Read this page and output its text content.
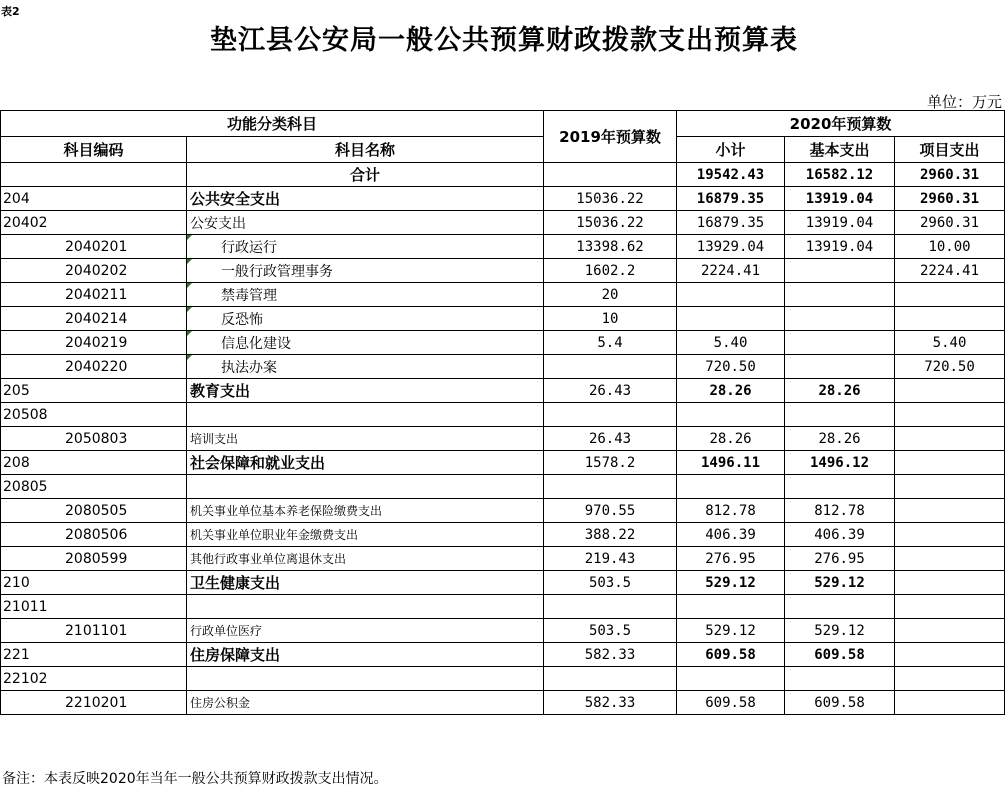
表2
垫江县公安局一般公共预算财政拨款支出预算表
单位：万元
功能分类科目		2019年预算数	2020年预算数		
科目编码	科目名称		小计	基本支出	项目支出
	合计		19542.43	16582.12	2960.31
204	公共安全支出	15036.22	16879.35	13919.04	2960.31
20402	公安支出	15036.22	16879.35	13919.04	2960.31
2040201	行政运行	13398.62	13929.04	13919.04	10.00
2040202	一般行政管理事务	1602.2	2224.41		2224.41
2040211	禁毒管理	20			
2040214	反恐怖	10			
2040219	信息化建设	5.4	5.40		5.40
2040220	执法办案		720.50		720.50
205	教育支出	26.43	28.26	28.26	
20508					
2050803	培训支出	26.43	28.26	28.26	
208	社会保障和就业支出	1578.2	1496.11	1496.12	
20805					
2080505	机关事业单位基本养老保险缴费支出	970.55	812.78	812.78	
2080506	机关事业单位职业年金缴费支出	388.22	406.39	406.39	
2080599	其他行政事业单位离退休支出	219.43	276.95	276.95	
210	卫生健康支出	503.5	529.12	529.12	
21011					
2101101	行政单位医疗	503.5	529.12	529.12	
221	住房保障支出	582.33	609.58	609.58	
22102					
2210201	住房公积金	582.33	609.58	609.58	
备注：本表反映2020年当年一般公共预算财政拨款支出情况。
